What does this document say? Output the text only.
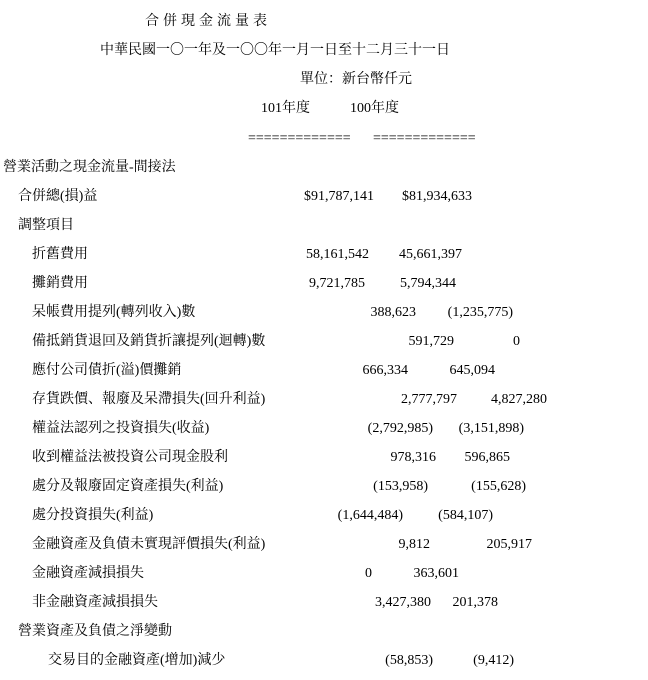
合併現金流量表
中華民國一〇一年及一〇〇年一月一日至十二月三十一日
單位：新台幣仟元
101年度	100年度
============= =============
營業活動之現金流量-間接法
合併總(損)益	$91,787,141	$81,934,633
調整項目
折舊費用	58,161,542	45,661,397
攤銷費用	9,721,785	5,794,344
呆帳費用提列(轉列收入)數	388,623	(1,235,775)
備抵銷貨退回及銷貨折讓提列(迴轉)數	591,729	0
應付公司債折(溢)價攤銷	666,334	645,094
存貨跌價、報廢及呆滯損失(回升利益)	2,777,797	4,827,280
權益法認列之投資損失(收益)	(2,792,985)	(3,151,898)
收到權益法被投資公司現金股利	978,316	596,865
處分及報廢固定資產損失(利益)	(153,958)	(155,628)
處分投資損失(利益)	(1,644,484)	(584,107)
金融資產及負債未實現評價損失(利益)	9,812	205,917
金融資產減損損失	0	363,601
非金融資產減損損失	3,427,380	201,378
營業資產及負債之淨變動
交易目的金融資產(增加)減少	(58,853)	(9,412)
